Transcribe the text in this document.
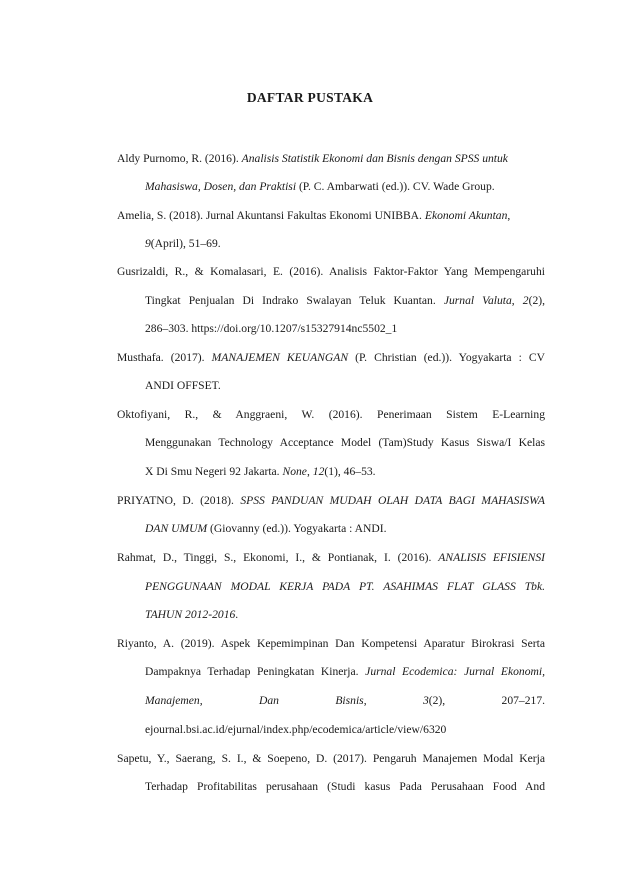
DAFTAR PUSTAKA
Aldy Purnomo, R. (2016). Analisis Statistik Ekonomi dan Bisnis dengan SPSS untuk
Mahasiswa, Dosen, dan Praktisi (P. C. Ambarwati (ed.)). CV. Wade Group.
Amelia, S. (2018). Jurnal Akuntansi Fakultas Ekonomi UNIBBA. Ekonomi Akuntan,
9(April), 51–69.
Gusrizaldi, R., & Komalasari, E. (2016). Analisis Faktor-Faktor Yang Mempengaruhi
Tingkat Penjualan Di Indrako Swalayan Teluk Kuantan. Jurnal Valuta, 2(2),
286–303. https://doi.org/10.1207/s15327914nc5502_1
Musthafa. (2017). MANAJEMEN KEUANGAN (P. Christian (ed.)). Yogyakarta : CV
ANDI OFFSET.
Oktofiyani, R., & Anggraeni, W. (2016). Penerimaan Sistem E-Learning
Menggunakan Technology Acceptance Model (Tam)Study Kasus Siswa/I Kelas
X Di Smu Negeri 92 Jakarta. None, 12(1), 46–53.
PRIYATNO, D. (2018). SPSS PANDUAN MUDAH OLAH DATA BAGI MAHASISWA
DAN UMUM (Giovanny (ed.)). Yogyakarta : ANDI.
Rahmat, D., Tinggi, S., Ekonomi, I., & Pontianak, I. (2016). ANALISIS EFISIENSI
PENGGUNAAN MODAL KERJA PADA PT. ASAHIMAS FLAT GLASS Tbk.
TAHUN 2012-2016.
Riyanto, A. (2019). Aspek Kepemimpinan Dan Kompetensi Aparatur Birokrasi Serta
Dampaknya Terhadap Peningkatan Kinerja. Jurnal Ecodemica: Jurnal Ekonomi,
Manajemen,	Dan	Bisnis,	3(2),	207–217.
ejournal.bsi.ac.id/ejurnal/index.php/ecodemica/article/view/6320
Sapetu, Y., Saerang, S. I., & Soepeno, D. (2017). Pengaruh Manajemen Modal Kerja
Terhadap Profitabilitas perusahaan (Studi kasus Pada Perusahaan Food And
